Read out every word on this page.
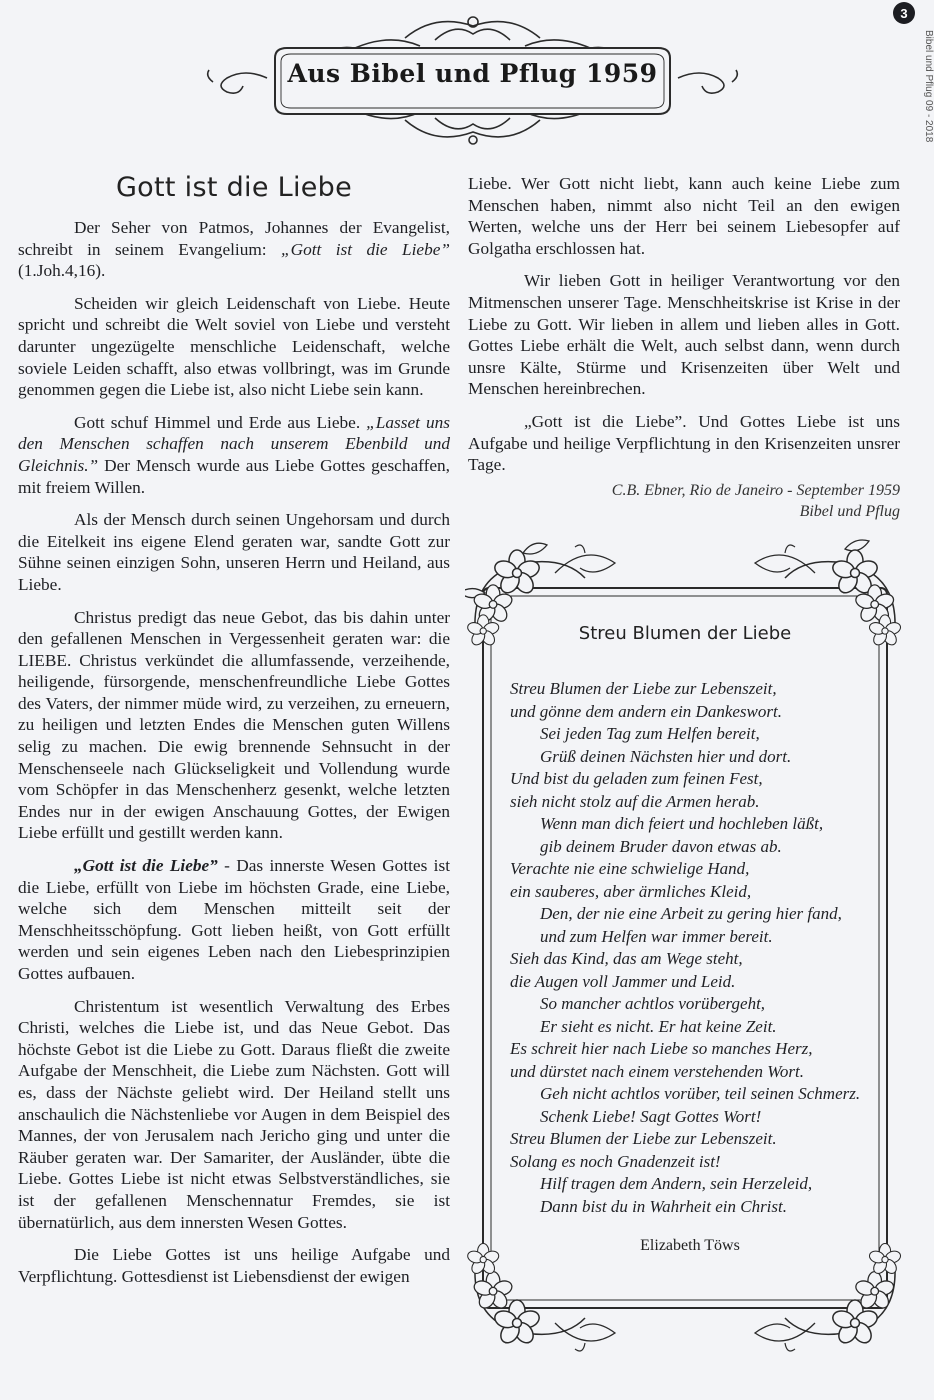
3
Bibel und Pflug 09 - 2018
Aus Bibel und Pflug 1959
Gott ist die Liebe

Der Seher von Patmos, Johannes der Evangelist, schreibt in seinem Evangelium: „Gott ist die Liebe” (1.Joh.4,16).

Scheiden wir gleich Leidenschaft von Liebe. Heute spricht und schreibt die Welt soviel von Liebe und versteht darunter ungezügelte menschliche Leidenschaft, welche soviele Leiden schafft, also etwas vollbringt, was im Grunde genommen gegen die Liebe ist, also nicht Liebe sein kann.

Gott schuf Himmel und Erde aus Liebe. „Lasset uns den Menschen schaffen nach unserem Ebenbild und Gleichnis.” Der Mensch wurde aus Liebe Gottes geschaffen, mit freiem Willen.

Als der Mensch durch seinen Ungehorsam und durch die Eitelkeit ins eigene Elend geraten war, sandte Gott zur Sühne seinen einzigen Sohn, unseren Herrn und Heiland, aus Liebe.

Christus predigt das neue Gebot, das bis dahin unter den gefallenen Menschen in Vergessenheit geraten war: die LIEBE. Christus verkündet die allumfassende, verzeihende, heiligende, fürsorgende, menschenfreundliche Liebe Gottes des Vaters, der nimmer müde wird, zu verzeihen, zu erneuern, zu heiligen und letzten Endes die Menschen guten Willens selig zu machen. Die ewig brennende Sehnsucht in der Menschenseele nach Glückseligkeit und Vollendung wurde vom Schöpfer in das Menschenherz gesenkt, welche letzten Endes nur in der ewigen Anschauung Gottes, der Ewigen Liebe erfüllt und gestillt werden kann.

„Gott ist die Liebe” - Das innerste Wesen Gottes ist die Liebe, erfüllt von Liebe im höchsten Grade, eine Liebe, welche sich dem Menschen mitteilt seit der Menschheitsschöpfung. Gott lieben heißt, von Gott erfüllt werden und sein eigenes Leben nach den Liebesprinzipien Gottes aufbauen.

Christentum ist wesentlich Verwaltung des Erbes Christi, welches die Liebe ist, und das Neue Gebot. Das höchste Gebot ist die Liebe zu Gott. Daraus fließt die zweite Aufgabe der Menschheit, die Liebe zum Nächsten. Gott will es, dass der Nächste geliebt wird. Der Heiland stellt uns anschaulich die Nächstenliebe vor Augen in dem Beispiel des Mannes, der von Jerusalem nach Jericho ging und unter die Räuber geraten war. Der Samariter, der Ausländer, übte die Liebe. Gottes Liebe ist nicht etwas Selbstverständliches, sie ist der gefallenen Menschennatur Fremdes, sie ist übernatürlich, aus dem innersten Wesen Gottes.

Die Liebe Gottes ist uns heilige Aufgabe und Verpflichtung. Gottesdienst ist Liebensdienst der ewigen

Liebe. Wer Gott nicht liebt, kann auch keine Liebe zum Menschen haben, nimmt also nicht Teil an den ewigen Werten, welche uns der Herr bei seinem Liebesopfer auf Golgatha erschlossen hat.

Wir lieben Gott in heiliger Verantwortung vor den Mitmenschen unserer Tage. Menschheitskrise ist Krise in der Liebe zu Gott. Wir lieben in allem und lieben alles in Gott. Gottes Liebe erhält die Welt, auch selbst dann, wenn durch unsre Kälte, Stürme und Krisenzeiten über Welt und Menschen hereinbrechen.

„Gott ist die Liebe”. Und Gottes Liebe ist uns Aufgabe und heilige Verpflichtung in den Krisenzeiten unsrer Tage.

C.B. Ebner, Rio de Janeiro - September 1959
Bibel und Pflug
Streu Blumen der Liebe
Streu Blumen der Liebe zur Lebenszeit,
und gönne dem andern ein Dankeswort.
Sei jeden Tag zum Helfen bereit,
Grüß deinen Nächsten hier und dort.
Und bist du geladen zum feinen Fest,
sieh nicht stolz auf die Armen herab.
Wenn man dich feiert und hochleben läßt,
gib deinem Bruder davon etwas ab.
Verachte nie eine schwielige Hand,
ein sauberes, aber ärmliches Kleid,
Den, der nie eine Arbeit zu gering hier fand,
und zum Helfen war immer bereit.
Sieh das Kind, das am Wege steht,
die Augen voll Jammer und Leid.
So mancher achtlos vorübergeht,
Er sieht es nicht. Er hat keine Zeit.
Es schreit hier nach Liebe so manches Herz,
und dürstet nach einem verstehenden Wort.
Geh nicht achtlos vorüber, teil seinen Schmerz.
Schenk Liebe! Sagt Gottes Wort!
Streu Blumen der Liebe zur Lebenszeit.
Solang es noch Gnadenzeit ist!
Hilf tragen dem Andern, sein Herzeleid,
Dann bist du in Wahrheit ein Christ.
Elizabeth Töws
